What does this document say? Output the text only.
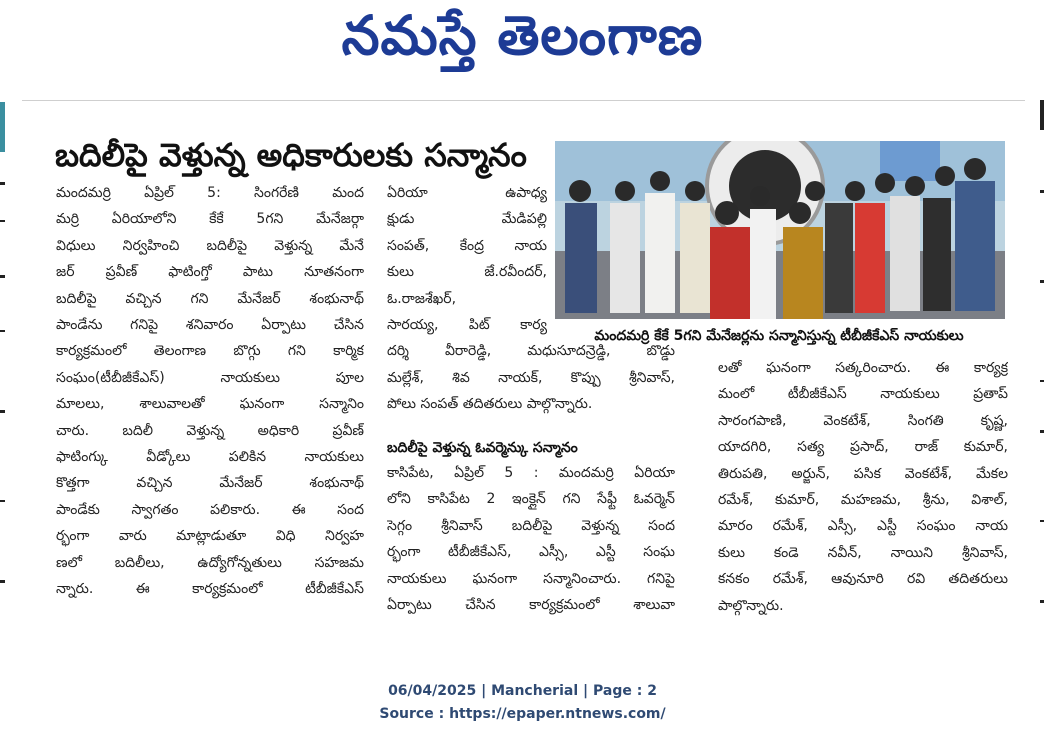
నమస్తే తెలంగాణ
బదిలీపై వెళ్తున్న అధికారులకు సన్మానం
మందమర్రి కేకే 5గని మేనేజర్లను సన్మానిస్తున్న టీబీజీకేఎస్ నాయకులు
మందమర్రి ఏప్రిల్ 5: సింగరేణి మంద
మర్రి ఏరియాలోని కేకే 5గని మేనేజర్గా
విధులు నిర్వహించి బదిలీపై వెళ్తున్న మేనే
జర్ ప్రవీణ్ ఫాటింగ్తో పాటు నూతనంగా
బదిలీపై వచ్చిన గని మేనేజర్ శంభునాథ్
పాండేను గనిపై శనివారం ఏర్పాటు చేసిన
కార్యక్రమంలో తెలంగాణ బొగ్గు గని కార్మిక
సంఘం(టీబీజీకేఎస్) నాయకులు పూల
మాలలు, శాలువాలతో ఘనంగా సన్మానిం
చారు. బదిలీ వెళ్తున్న అధికారి ప్రవీణ్
ఫాటింగ్కు వీడ్కోలు పలికిన నాయకులు
కొత్తగా వచ్చిన మేనేజర్ శంభునాథ్
పాండేకు స్వాగతం పలికారు. ఈ సంద
ర్భంగా వారు మాట్లాడుతూ విధి నిర్వహ
ణలో బదిలీలు, ఉద్యోగోన్నతులు సహజమ
న్నారు. ఈ కార్యక్రమంలో టీబీజీకేఎస్
ఏరియా ఉపాధ్య
క్షుడు మేడిపల్లి
సంపత్, కేంద్ర నాయ
కులు జే.రవీందర్,
ఓ.రాజశేఖర్,
సారయ్య, పిట్ కార్య
దర్శి వీరారెడ్డి, మధుసూదన్రెడ్డి, బొడ్డు
మల్లేశ్, శివ నాయక్, కొప్పు శ్రీనివాస్,
పోలు సంపత్ తదితరులు పాల్గొన్నారు.
బదిలీపై వెళ్తున్న ఓవర్మెన్కు సన్మానం
కాసిపేట, ఏప్రిల్ 5 : మందమర్రి ఏరియా
లోని కాసిపేట 2 ఇంక్లైన్ గని సేఫ్టీ ఓవర్మెన్
సెగ్గం శ్రీనివాస్ బదిలీపై వెళ్తున్న సంద
ర్భంగా టీబీజీకేఎస్, ఎస్సీ, ఎస్టీ సంఘ
నాయకులు ఘనంగా సన్మానించారు. గనిపై
ఏర్పాటు చేసిన కార్యక్రమంలో శాలువా
లతో ఘనంగా సత్కరించారు. ఈ కార్యక్ర
మంలో టీబీజీకేఎస్ నాయకులు ప్రతాప్
సారంగపాణి, వెంకటేశ్, సింగతి కృష్ణ,
యాదగిరి, సత్య ప్రసాద్, రాజ్ కుమార్,
తిరుపతి, అర్జున్, పసిక వెంకటేశ్, మేకల
రమేశ్, కుమార్, మహణమ, శ్రీను, విశాల్,
మారం రమేశ్, ఎస్సీ, ఎస్టీ సంఘం నాయ
కులు కండె నవీన్, నాయిని శ్రీనివాస్,
కనకం రమేశ్, ఆవునూరి రవి తదితరులు
పాల్గొన్నారు.
06/04/2025 | Mancherial | Page : 2
Source : https://epaper.ntnews.com/
